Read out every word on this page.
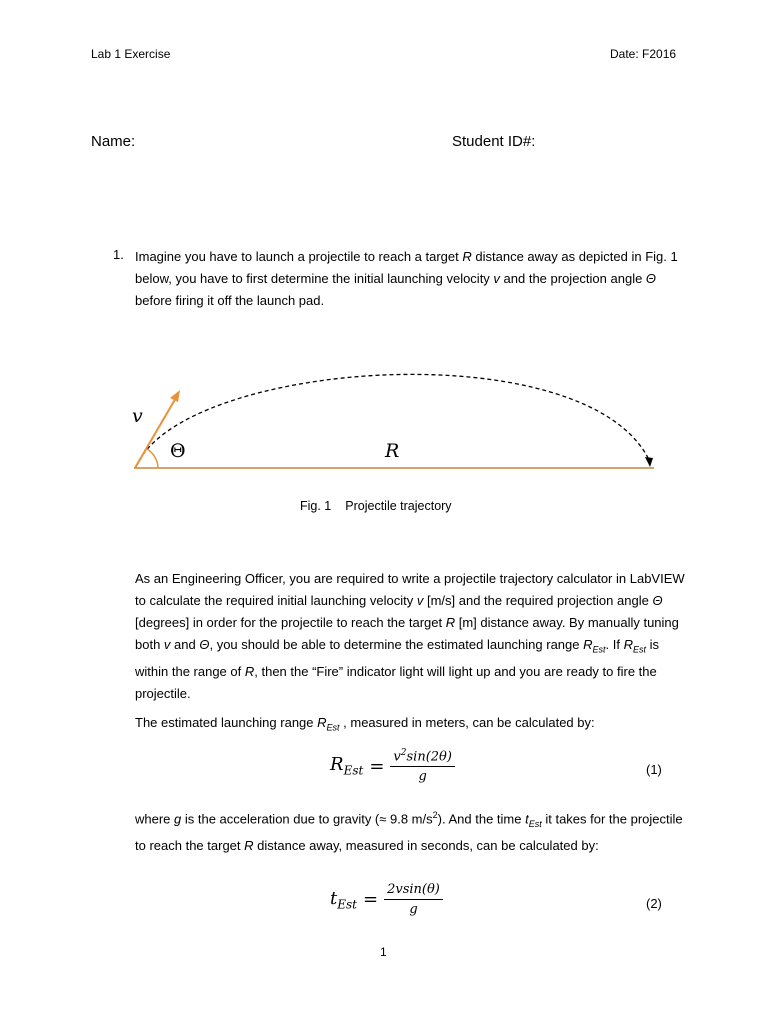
Lab 1 Exercise	Date: F2016
Name:	Student ID#:
1. Imagine you have to launch a projectile to reach a target R distance away as depicted in Fig. 1 below, you have to first determine the initial launching velocity v and the projection angle Θ before firing it off the launch pad.
v
Θ	R
Fig. 1 Projectile trajectory
As an Engineering Officer, you are required to write a projectile trajectory calculator in LabVIEW to calculate the required initial launching velocity v [m/s] and the required projection angle Θ [degrees] in order for the projectile to reach the target R [m] distance away. By manually tuning both v and Θ, you should be able to determine the estimated launching range $R_{Est}$. If $R_{Est}$ is within the range of R, then the “Fire” indicator light will light up and you are ready to fire the projectile.
The estimated launching range $R_{Est}$ , measured in meters, can be calculated by:
$R_{Est} = \frac{v^2\sin(2\theta)}{g}$	(1)
where g is the acceleration due to gravity (≈ 9.8 $m/s^2$). And the time $t_{Est}$ it takes for the projectile to reach the target R distance away, measured in seconds, can be calculated by:
$t_{Est} = \frac{2vsin(\theta)}{g}$	(2)
1
